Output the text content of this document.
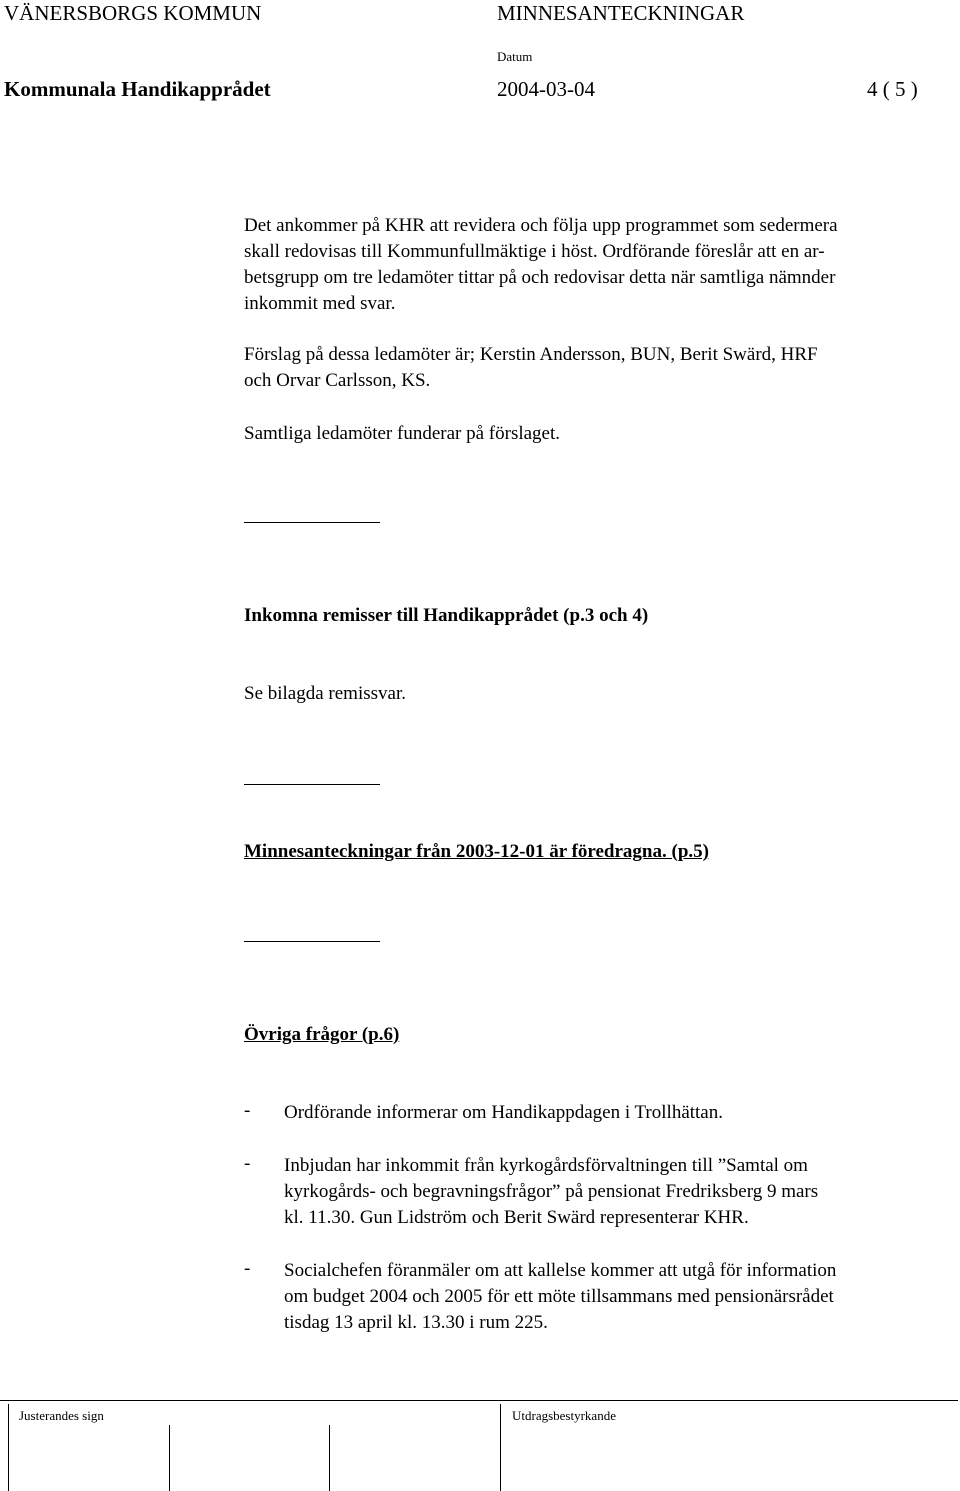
VÄNERSBORGS KOMMUN	MINNESANTECKNINGAR
Datum
Kommunala Handikapprådet	2004-03-04	4 ( 5 )
Det ankommer på KHR att revidera och följa upp programmet som sedermera
skall redovisas till Kommunfullmäktige i höst. Ordförande föreslår att en ar-
betsgrupp om tre ledamöter tittar på och redovisar detta när samtliga nämnder
inkommit med svar.
Förslag på dessa ledamöter är; Kerstin Andersson, BUN, Berit Swärd, HRF
och Orvar Carlsson, KS.
Samtliga ledamöter funderar på förslaget.
Inkomna remisser till Handikapprådet (p.3 och 4)
Se bilagda remissvar.
Minnesanteckningar från 2003-12-01 är föredragna. (p.5)
Övriga frågor (p.6)
- Ordförande informerar om Handikappdagen i Trollhättan.
- Inbjudan har inkommit från kyrkogårdsförvaltningen till ”Samtal om
kyrkogårds- och begravningsfrågor” på pensionat Fredriksberg 9 mars
kl. 11.30. Gun Lidström och Berit Swärd representerar KHR.
- Socialchefen föranmäler om att kallelse kommer att utgå för information
om budget 2004 och 2005 för ett möte tillsammans med pensionärsrådet
tisdag 13 april kl. 13.30 i rum 225.
Justerandes sign	Utdragsbestyrkande
